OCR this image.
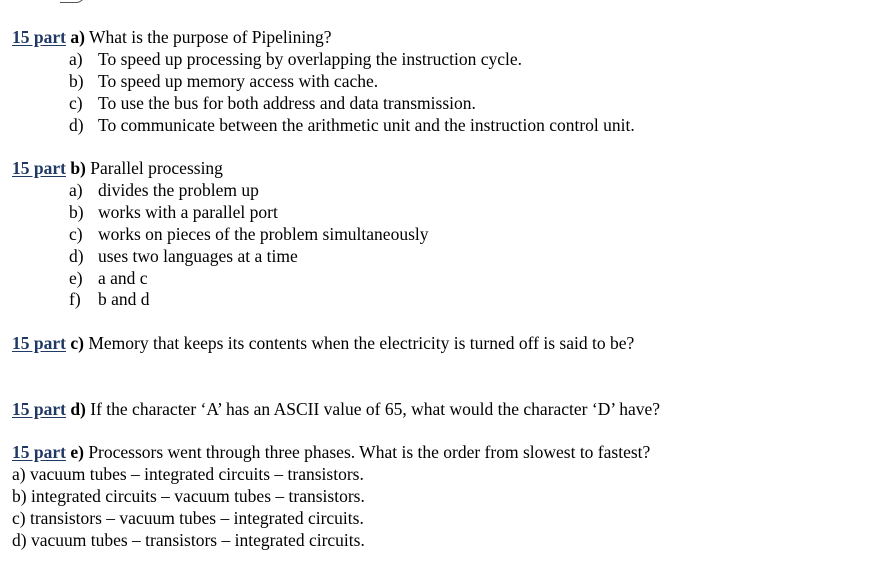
15 part a) What is the purpose of Pipelining?
a) To speed up processing by overlapping the instruction cycle.
b) To speed up memory access with cache.
c) To use the bus for both address and data transmission.
d) To communicate between the arithmetic unit and the instruction control unit.
15 part b) Parallel processing
a) divides the problem up
b) works with a parallel port
c) works on pieces of the problem simultaneously
d) uses two languages at a time
e) a and c
f) b and d
15 part c) Memory that keeps its contents when the electricity is turned off is said to be?
15 part d) If the character ‘A’ has an ASCII value of 65, what would the character ‘D’ have?
15 part e) Processors went through three phases. What is the order from slowest to fastest?
a) vacuum tubes – integrated circuits – transistors.
b) integrated circuits – vacuum tubes – transistors.
c) transistors – vacuum tubes – integrated circuits.
d) vacuum tubes – transistors – integrated circuits.
